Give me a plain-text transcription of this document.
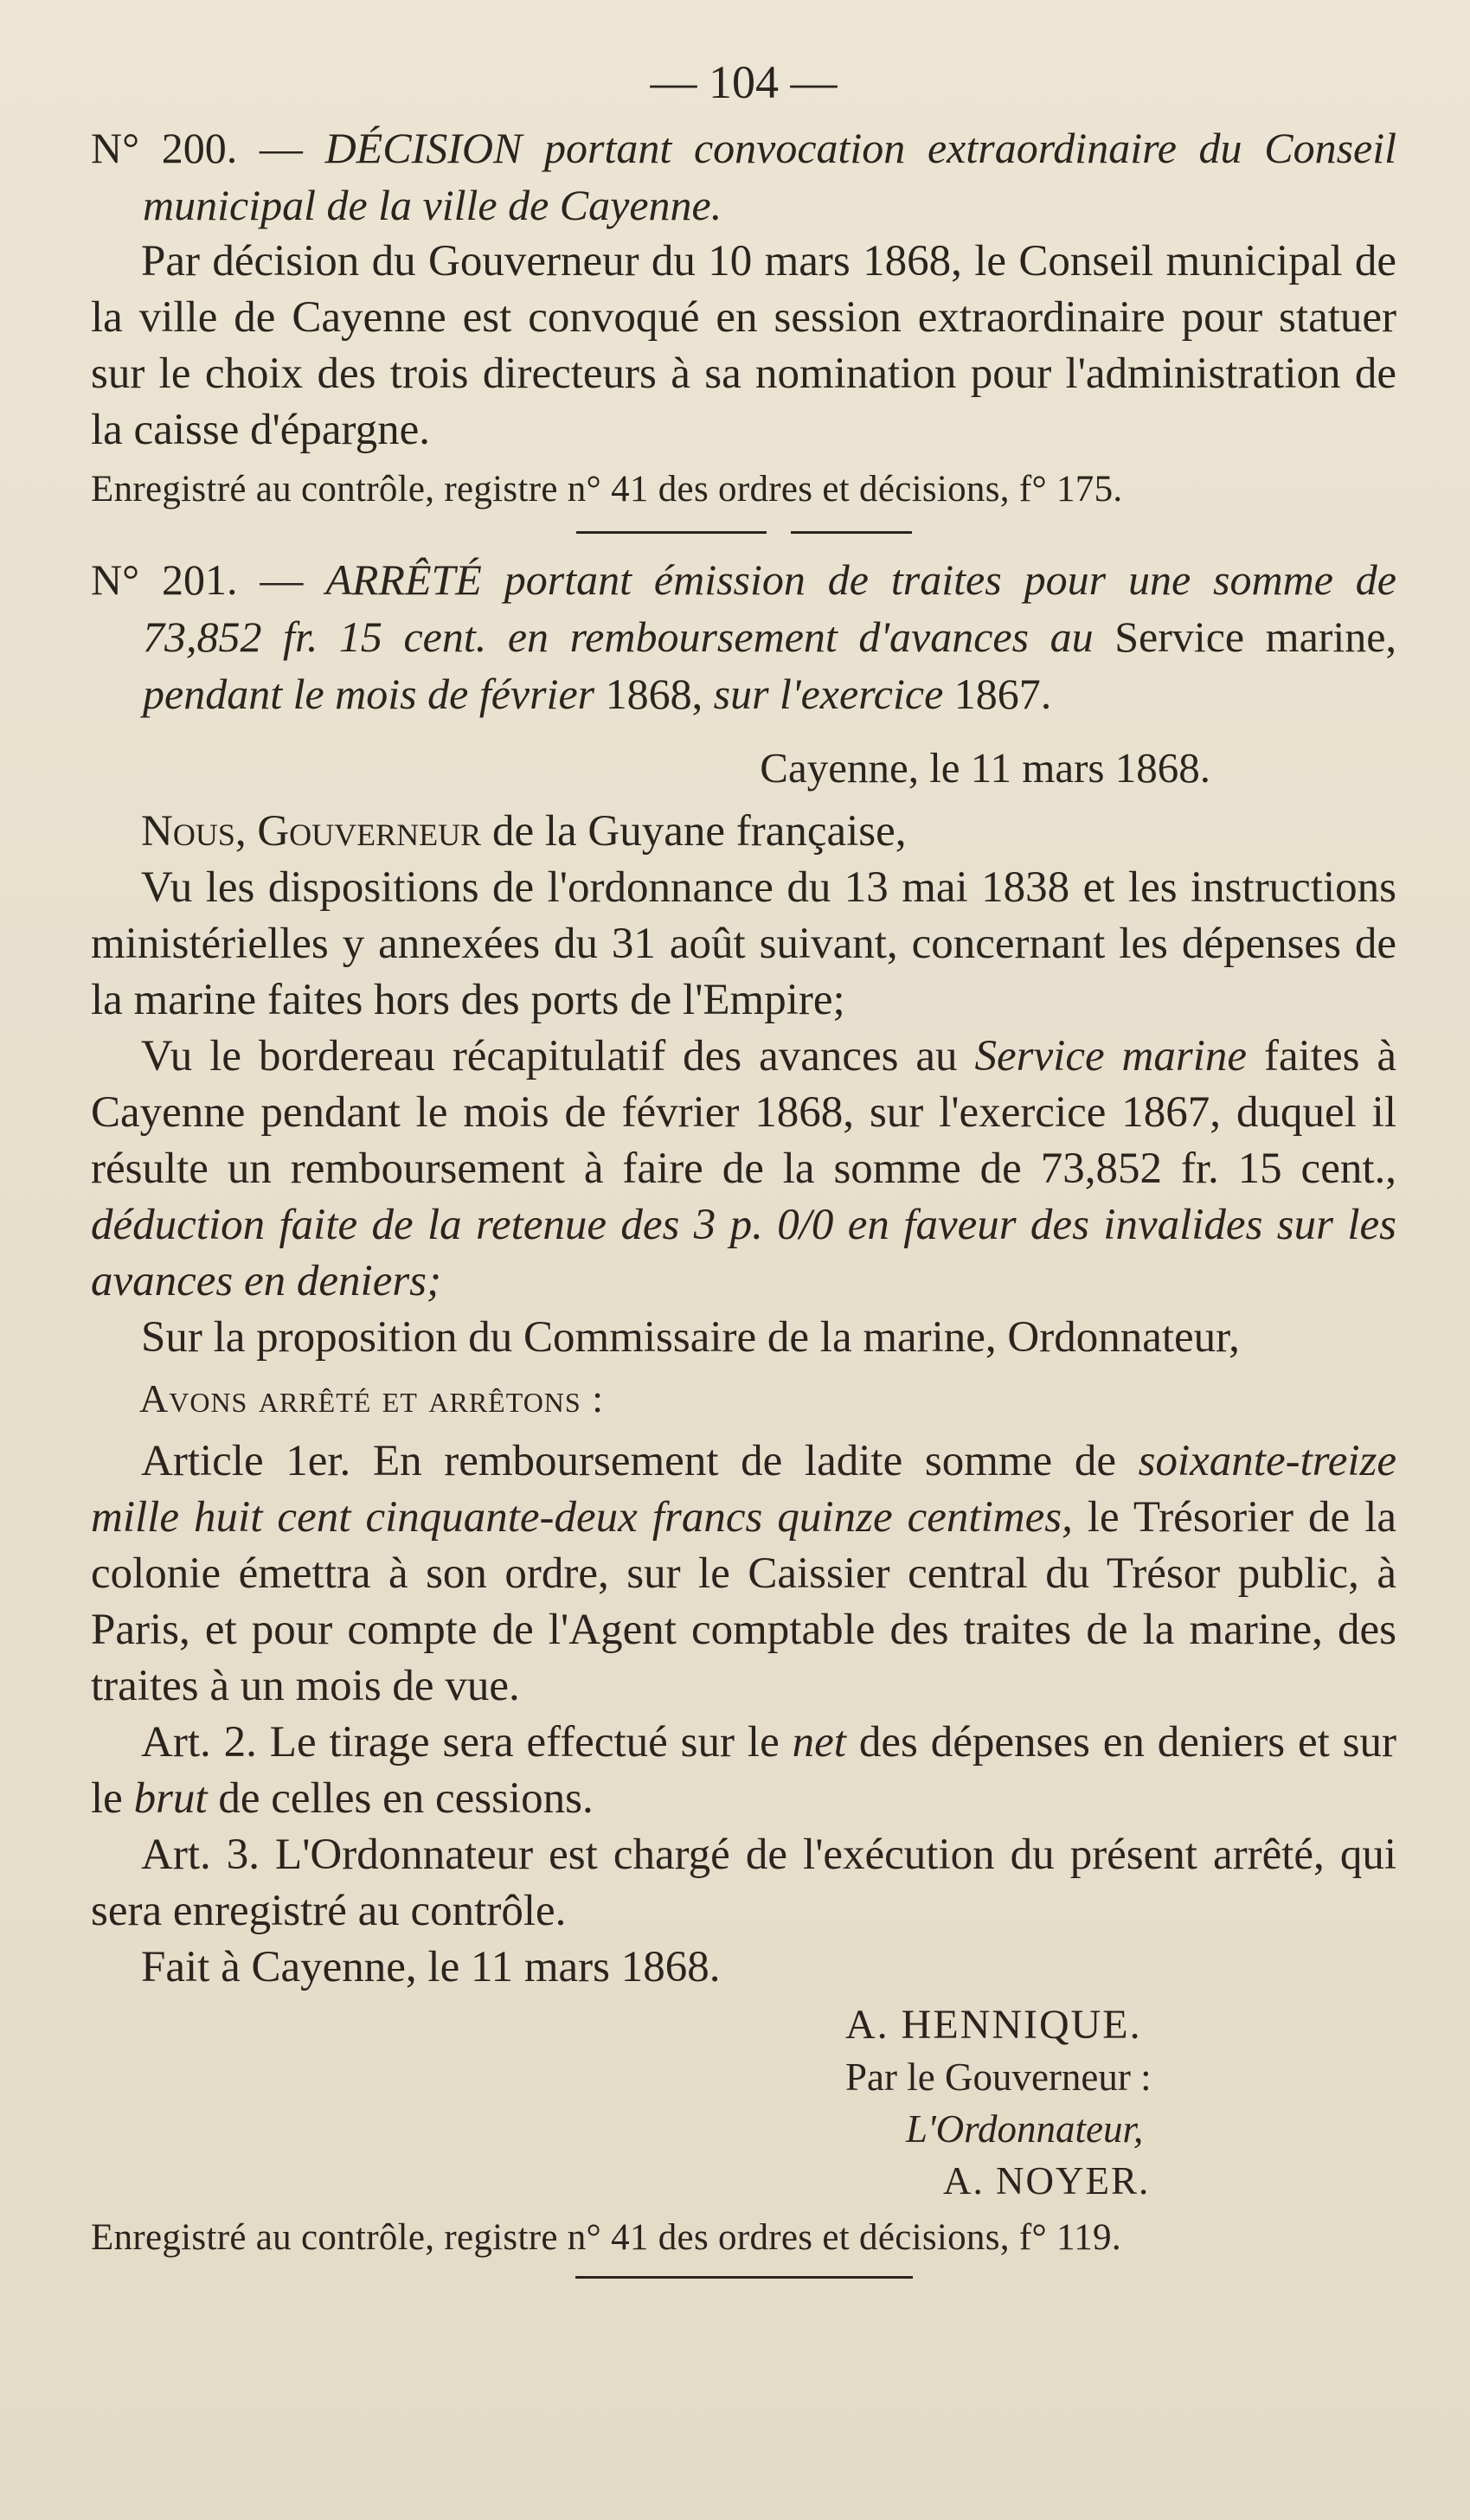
— 104 —
N° 200. — DÉCISION portant convocation extraordinaire du Conseil municipal de la ville de Cayenne.

Par décision du Gouverneur du 10 mars 1868, le Conseil municipal de la ville de Cayenne est convoqué en session extraordinaire pour statuer sur le choix des trois directeurs à sa nomination pour l'administration de la caisse d'épargne.

Enregistré au contrôle, registre n° 41 des ordres et décisions, f° 175.
N° 201. — ARRÊTÉ portant émission de traites pour une somme de 73,852 fr. 15 cent. en remboursement d'avances au Service marine, pendant le mois de février 1868, sur l'exercice 1867.
Cayenne, le 11 mars 1868.

Nous, Gouverneur de la Guyane française,

Vu les dispositions de l'ordonnance du 13 mai 1838 et les instructions ministérielles y annexées du 31 août suivant, concernant les dépenses de la marine faites hors des ports de l'Empire;

Vu le bordereau récapitulatif des avances au Service marine faites à Cayenne pendant le mois de février 1868, sur l'exercice 1867, duquel il résulte un remboursement à faire de la somme de 73,852 fr. 15 cent., déduction faite de la retenue des 3 p. 0/0 en faveur des invalides sur les avances en deniers;

Sur la proposition du Commissaire de la marine, Ordonnateur,

Avons arrêté et arrêtons :

Article 1er. En remboursement de ladite somme de soixante-treize mille huit cent cinquante-deux francs quinze centimes, le Trésorier de la colonie émettra à son ordre, sur le Caissier central du Trésor public, à Paris, et pour compte de l'Agent comptable des traites de la marine, des traites à un mois de vue.

Art. 2. Le tirage sera effectué sur le net des dépenses en deniers et sur le brut de celles en cessions.

Art. 3. L'Ordonnateur est chargé de l'exécution du présent arrêté, qui sera enregistré au contrôle.

Fait à Cayenne, le 11 mars 1868.

A. HENNIQUE.
Par le Gouverneur :
L'Ordonnateur,
A. NOYER.
Enregistré au contrôle, registre n° 41 des ordres et décisions, f° 119.
